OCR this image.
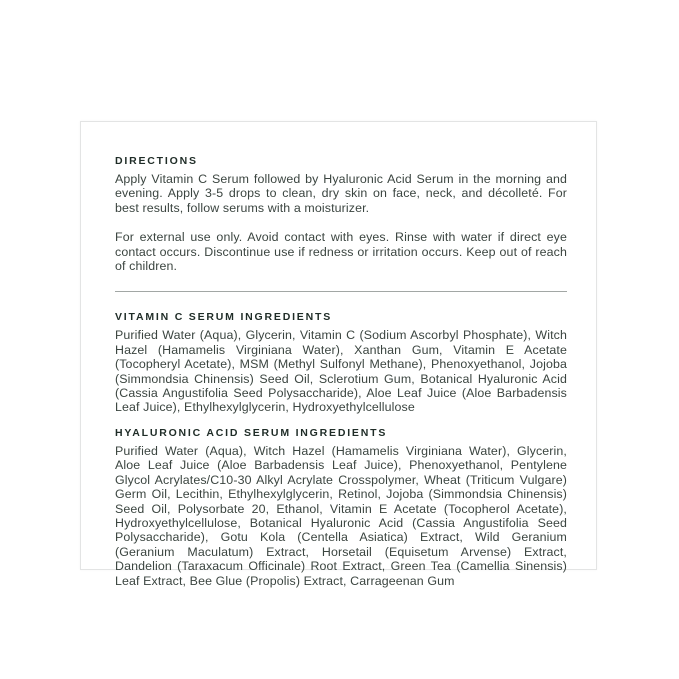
DIRECTIONS

Apply Vitamin C Serum followed by Hyaluronic Acid Serum in the morning and evening. Apply 3-5 drops to clean, dry skin on face, neck, and décolleté. For best results, follow serums with a moisturizer.

For external use only. Avoid contact with eyes. Rinse with water if direct eye contact occurs. Discontinue use if redness or irritation occurs. Keep out of reach of children.

VITAMIN C SERUM INGREDIENTS

Purified Water (Aqua), Glycerin, Vitamin C (Sodium Ascorbyl Phosphate), Witch Hazel (Hamamelis Virginiana Water), Xanthan Gum, Vitamin E Acetate (Tocopheryl Acetate), MSM (Methyl Sulfonyl Methane), Phenoxyethanol, Jojoba (Simmondsia Chinensis) Seed Oil, Sclerotium Gum, Botanical Hyaluronic Acid (Cassia Angustifolia Seed Polysaccharide), Aloe Leaf Juice (Aloe Barbadensis Leaf Juice), Ethylhexylglycerin, Hydroxyethylcellulose

HYALURONIC ACID SERUM INGREDIENTS

Purified Water (Aqua), Witch Hazel (Hamamelis Virginiana Water), Glycerin, Aloe Leaf Juice (Aloe Barbadensis Leaf Juice), Phenoxyethanol, Pentylene Glycol Acrylates/C10-30 Alkyl Acrylate Crosspolymer, Wheat (Triticum Vulgare) Germ Oil, Lecithin, Ethylhexylglycerin, Retinol, Jojoba (Simmondsia Chinensis) Seed Oil, Polysorbate 20, Ethanol, Vitamin E Acetate (Tocopherol Acetate), Hydroxyethylcellulose, Botanical Hyaluronic Acid (Cassia Angustifolia Seed Polysaccharide), Gotu Kola (Centella Asiatica) Extract, Wild Geranium (Geranium Maculatum) Extract, Horsetail (Equisetum Arvense) Extract, Dandelion (Taraxacum Officinale) Root Extract, Green Tea (Camellia Sinensis) Leaf Extract, Bee Glue (Propolis) Extract, Carrageenan Gum
